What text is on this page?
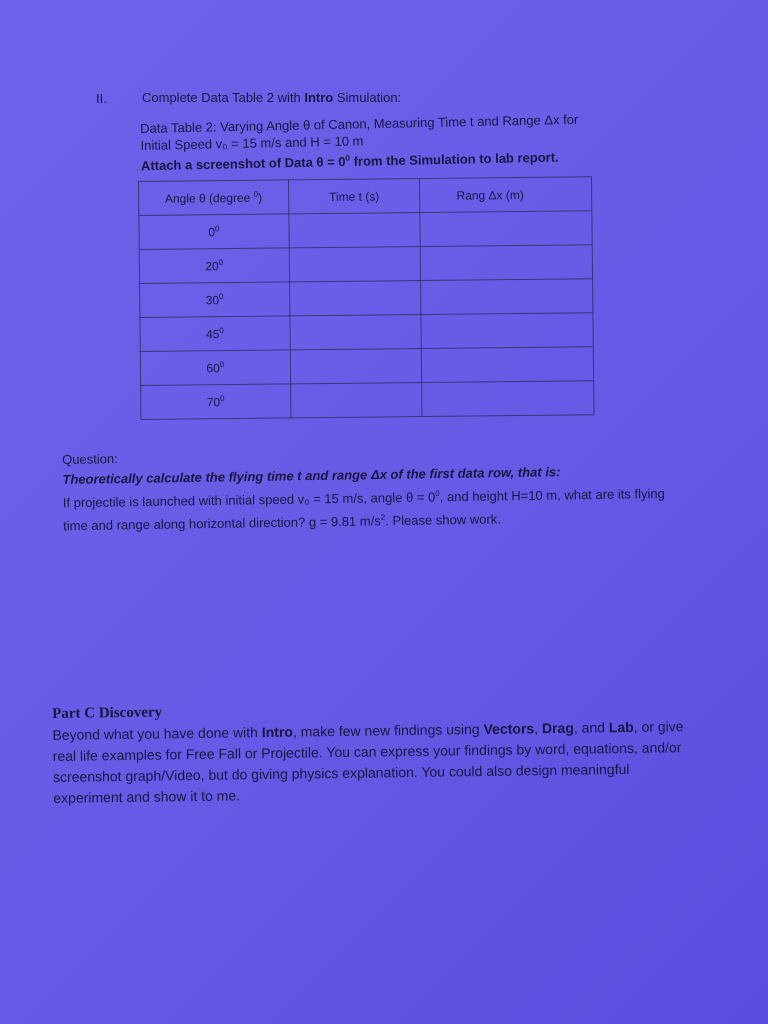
II.	Complete Data Table 2 with Intro Simulation:
Data Table 2: Varying Angle θ of Canon, Measuring Time t and Range Δx for
Initial Speed v₀ = 15 m/s and H = 10 m
Attach a screenshot of Data $\theta = 0^0$ from the Simulation to lab report.
Angle θ (degree $^0$)	Time t (s)	Rang Δx (m)
$0^0$		
$20^0$		
$30^0$		
$45^0$		
$60^0$		
$70^0$		
Question:
Theoretically calculate the flying time t and range Δx of the first data row, that is:
If projectile is launched with initial speed v₀ = 15 m/s, angle $\theta = 0^0$, and height H=10 m, what are its flying time and range along horizontal direction? g = 9.81 $m/s^2$. Please show work.
Part C Discovery
Beyond what you have done with Intro, make few new findings using Vectors, Drag, and Lab, or give real life examples for Free Fall or Projectile. You can express your findings by word, equations, and/or screenshot graph/Video, but do giving physics explanation. You could also design meaningful experiment and show it to me.
